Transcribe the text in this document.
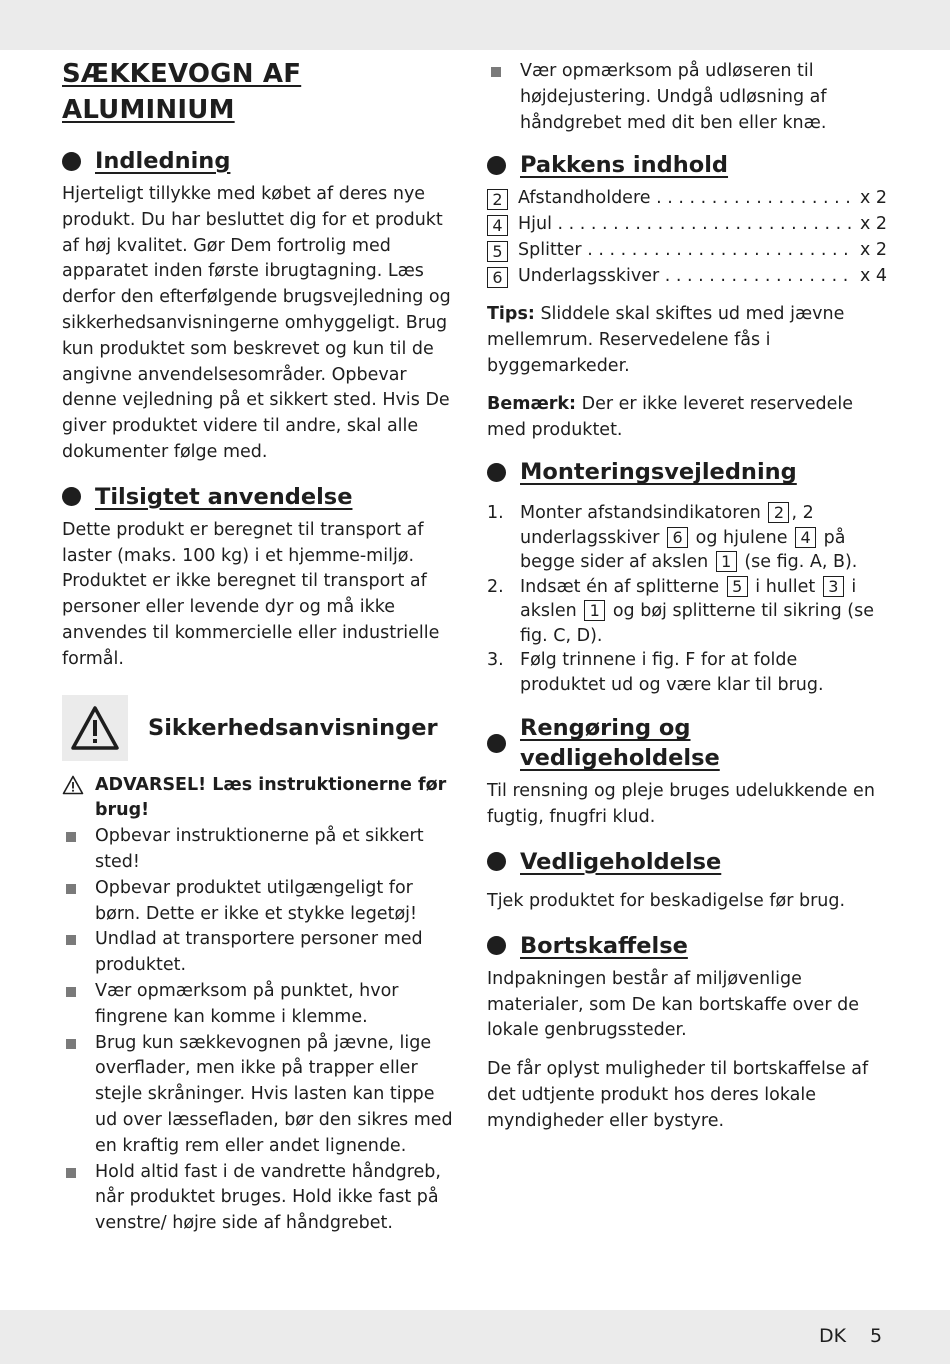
SÆKKEVOGN AF ALUMINIUM
Indledning

Hjerteligt tillykke med købet af deres nye produkt. Du har besluttet dig for et produkt af høj kvalitet. Gør Dem fortrolig med apparatet inden første ibrugtagning. Læs derfor den efterfølgende brugsvejledning og sikkerhedsanvisningerne omhyggeligt. Brug kun produktet som beskrevet og kun til de angivne anvendelsesområder. Opbevar denne vejledning på et sikkert sted. Hvis De giver produktet videre til andre, skal alle dokumenter følge med.

Tilsigtet anvendelse

Dette produkt er beregnet til transport af laster (maks. 100 kg) i et hjemme-miljø. Produktet er ikke beregnet til transport af personer eller levende dyr og må ikke anvendes til kommercielle eller industrielle formål.

Sikkerhedsanvisninger
ADVARSEL! Læs instruktionerne før brug!
Opbevar instruktionerne på et sikkert sted!
Opbevar produktet utilgængeligt for børn. Dette er ikke et stykke legetøj!
Undlad at transportere personer med produktet.
Vær opmærksom på punktet, hvor fingrene kan komme i klemme.
Brug kun sækkevognen på jævne, lige overflader, men ikke på trapper eller stejle skråninger. Hvis lasten kan tippe ud over læssefladen, bør den sikres med en kraftig rem eller andet lignende.
Hold altid fast i de vandrette håndgreb, når produktet bruges. Hold ikke fast på venstre/ højre side af håndgrebet.
Vær opmærksom på udløseren til højdejustering. Undgå udløsning af håndgrebet med dit ben eller knæ.
Pakkens indhold
2 Afstandholdere . . .	x 2
4 Hjul . . .	x 2
5 Splitter . . .	x 2
6 Underlagsskiver . . .	x 4

Tips: Sliddele skal skiftes ud med jævne mellemrum. Reservedelene fås i byggemarkeder.

Bemærk: Der er ikke leveret reservedele med produktet.

Monteringsvejledning
1. Monter afstandsindikatoren 2 , 2 underlagsskiver 6 og hjulene 4 på begge sider af akslen 1 (se fig. A, B).
2. Indsæt én af splitterne 5 i hullet 3 i akslen 1 og bøj splitterne til sikring (se fig. C, D).
3. Følg trinnene i fig. F for at folde produktet ud og være klar til brug.
Rengøring og vedligeholdelse

Til rensning og pleje bruges udelukkende en fugtig, fnugfri klud.

Vedligeholdelse

Tjek produktet for beskadigelse før brug.

Bortskaffelse

Indpakningen består af miljøvenlige materialer, som De kan bortskaffe over de lokale genbrugssteder.

De får oplyst muligheder til bortskaffelse af det udtjente produkt hos deres lokale myndigheder eller bystyre.

DK 5
